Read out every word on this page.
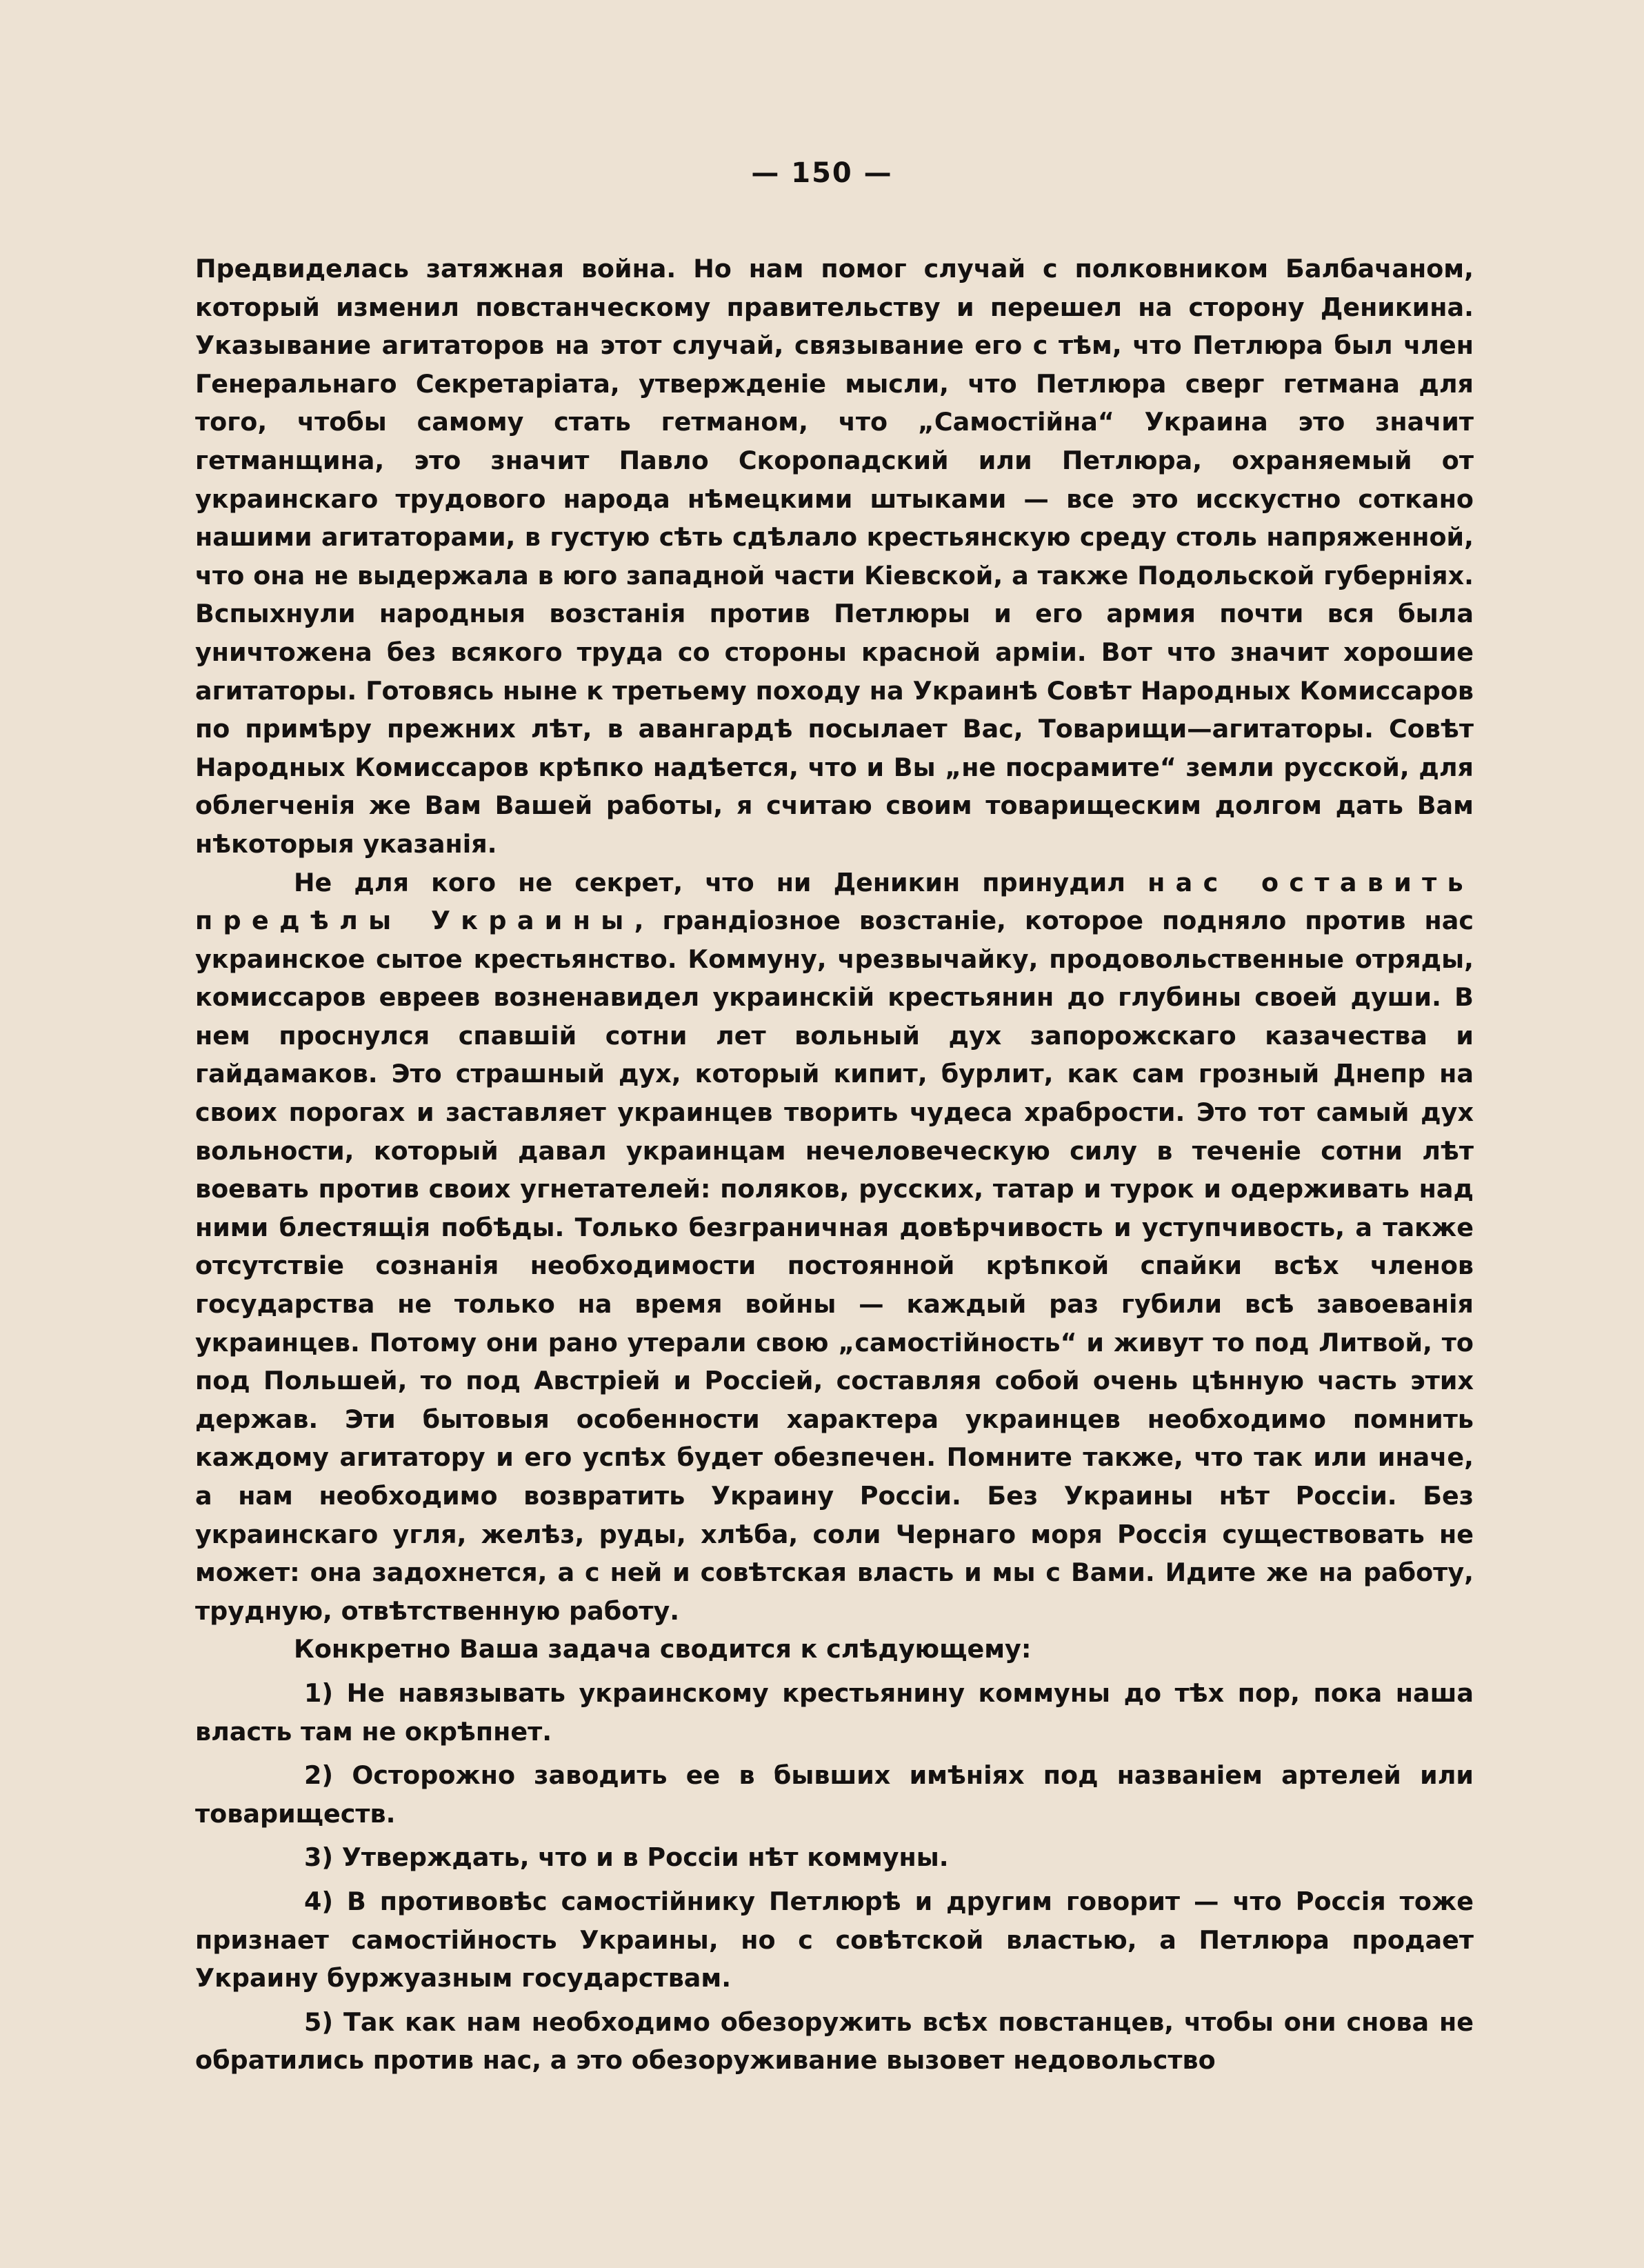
— 150 —

Предвиделась затяжная война. Но нам помог случай с полковником Балбачаном, который изменил повстанческому правительству и перешел на сторону Деникина. Указывание агитаторов на этот случай, связывание его с тѣм, что Петлюра был член Генеральнаго Секретаріата, утвержденіе мысли, что Петлюра сверг гетмана для того, чтобы самому стать гетманом, что „Самостійна“ Украина это значит гетманщина, это значит Павло Скоропадский или Петлюра, охраняемый от украинскаго трудового народа нѣмецкими штыками — все это исскустно соткано нашими агитаторами, в густую сѣть сдѣлало крестьянскую среду столь напряженной, что она не выдержала в юго западной части Кіевской, а также Подольской губерніях. Вспыхнули народныя возстанія против Петлюры и его армия почти вся была уничтожена без всякого труда со стороны красной арміи. Вот что значит хорошие агитаторы. Готовясь ныне к третьему походу на Украинѣ Совѣт Народных Комиссаров по примѣру прежних лѣт, в авангардѣ посылает Вас, Товарищи—агитаторы. Совѣт Народных Комиссаров крѣпко надѣется, что и Вы „не посрамите“ земли русской, для облегченія же Вам Вашей работы, я считаю своим товарищеским долгом дать Вам нѣкоторыя указанія.

Не для кого не секрет, что ни Деникин принудил нас оставить предѣлы Украины, грандіозное возстаніе, которое подняло против нас украинское сытое крестьянство. Коммуну, чрезвычайку, продовольственные отряды, комиссаров евреев возненавидел украинскій крестьянин до глубины своей души. В нем проснулся спавшій сотни лет вольный дух запорожскаго казачества и гайдамаков. Это страшный дух, который кипит, бурлит, как сам грозный Днепр на своих порогах и заставляет украинцев творить чудеса храбрости. Это тот самый дух вольности, который давал украинцам нечеловеческую силу в теченіе сотни лѣт воевать против своих угнетателей: поляков, русских, татар и турок и одерживать над ними блестящія побѣды. Только безграничная довѣрчивость и уступчивость, а также отсутствіе сознанія необходимости постоянной крѣпкой спайки всѣх членов государства не только на время войны — каждый раз губили всѣ завоеванія украинцев. Потому они рано утерали свою „самостійность“ и живут то под Литвой, то под Польшей, то под Австріей и Россіей, составляя собой очень цѣнную часть этих держав. Эти бытовыя особенности характера украинцев необходимо помнить каждому агитатору и его успѣх будет обезпечен. Помните также, что так или иначе, а нам необходимо возвратить Украину Россіи. Без Украины нѣт Россіи. Без украинскаго угля, желѣз, руды, хлѣба, соли Чернаго моря Россія существовать не может: она задохнется, а с ней и совѣтская власть и мы с Вами. Идите же на работу, трудную, отвѣтственную работу.

Конкретно Ваша задача сводится к слѣдующему:

1) Не навязывать украинскому крестьянину коммуны до тѣх пор, пока наша власть там не окрѣпнет.

2) Осторожно заводить ее в бывших имѣніях под названіем артелей или товариществ.

3) Утверждать, что и в Россіи нѣт коммуны.

4) В противовѣс самостійнику Петлюрѣ и другим говорит — что Россія тоже признает самостійность Украины, но с совѣтской властью, а Петлюра продает Украину буржуазным государствам.

5) Так как нам необходимо обезоружить всѣх повстанцев, чтобы они снова не обратились против нас, а это обезоруживание вызовет недовольство
